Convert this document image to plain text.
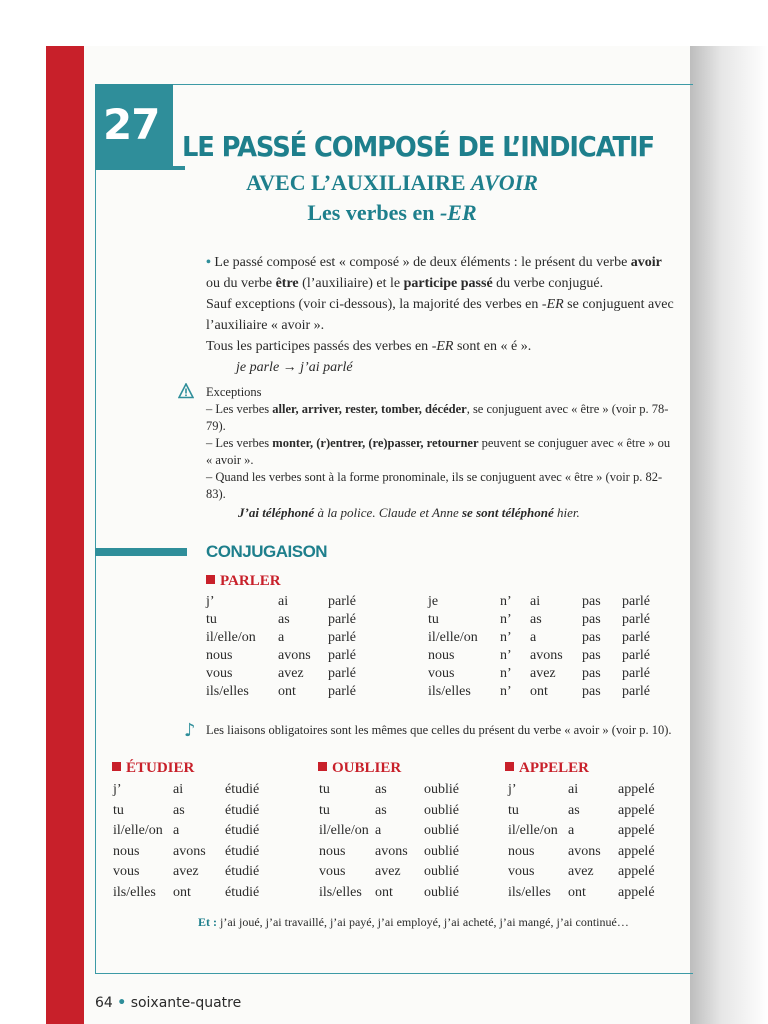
27 LE PASSÉ COMPOSÉ DE L’INDICATIF
AVEC L’AUXILIAIRE AVOIR
Les verbes en -ER

• Le passé composé est « composé » de deux éléments : le présent du verbe avoir ou du verbe être (l’auxiliaire) et le participe passé du verbe conjugué.

Sauf exceptions (voir ci-dessous), la majorité des verbes en -ER se conjuguent avec l’auxiliaire « avoir ».

Tous les participes passés des verbes en -ER sont en « é ».

je parle → j’ai parlé

Exceptions

– Les verbes aller, arriver, rester, tomber, décéder, se conjuguent avec « être » (voir p. 78-79).

– Les verbes monter, (r)entrer, (re)passer, retourner peuvent se conjuguer avec « être » ou « avoir ».

– Quand les verbes sont à la forme pronominale, ils se conjuguent avec « être » (voir p. 82-83).

J’ai téléphoné à la police. Claude et Anne se sont téléphoné hier.

CONJUGAISON
PARLER
j’	ai	parlé
tu	as	parlé
il/elle/on a	parlé
nous	avons parlé
vous	avez parlé
ils/elles ont parlé
je	n’ ai	pas parlé
tu	n’ as	pas parlé
il/elle/on n’ a	pas parlé
nous	n’ avons pas parlé
vous	n’ avez pas parlé
ils/elles n’ ont pas parlé
♪ Les liaisons obligatoires sont les mêmes que celles du présent du verbe « avoir » (voir p. 10).
ÉTUDIER	OUBLIER	APPELER
j’	ai	étudié
tu	as	étudié
il/elle/on a	étudié
nous avons étudié
vous avez étudié
ils/elles ont étudié
tu	as	oublié
tu	as	oublié
il/elle/on a	oublié
nous avons oublié
vous avez oublié
ils/elles ont oublié
j’	ai	appelé
tu	as	appelé
il/elle/on a	appelé
nous avons appelé
vous avez appelé
ils/elles ont appelé
Et : j’ai joué, j’ai travaillé, j’ai payé, j’ai employé, j’ai acheté, j’ai mangé, j’ai continué…
64 • soixante-quatre
